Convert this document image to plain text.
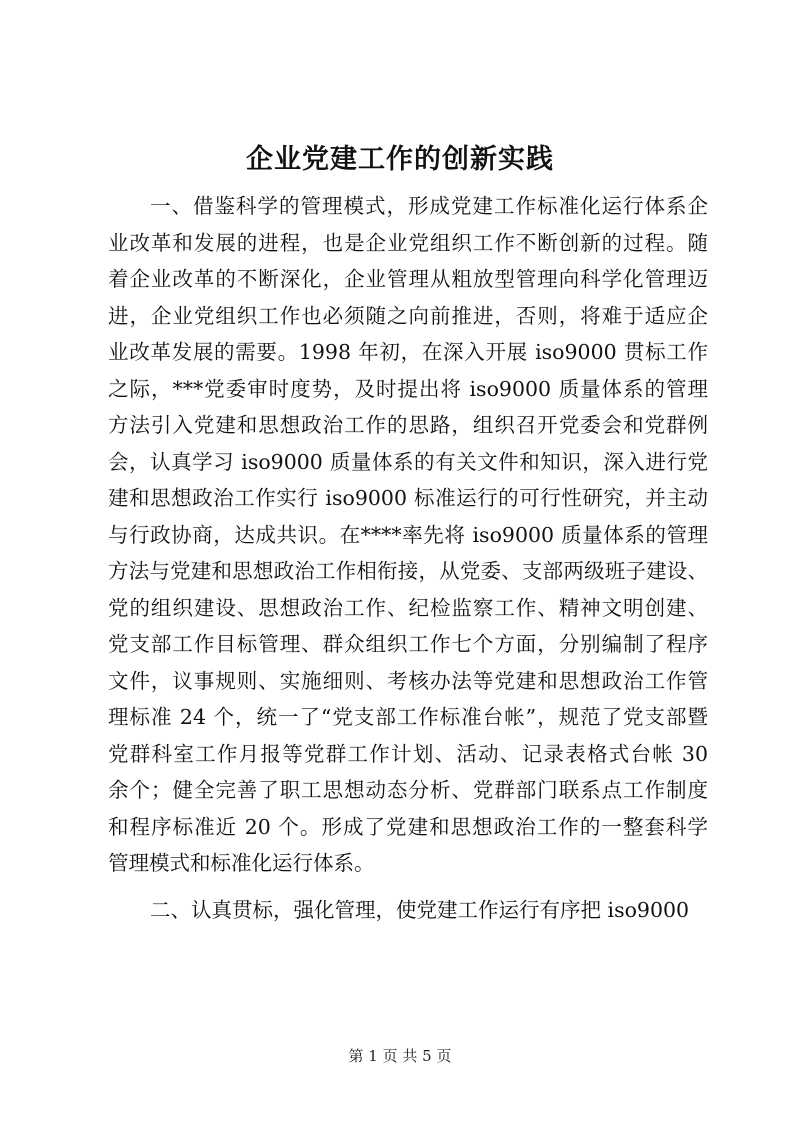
企业党建工作的创新实践
一、借鉴科学的管理模式，形成党建工作标准化运行体系企
业改革和发展的进程，也是企业党组织工作不断创新的过程。随
着企业改革的不断深化，企业管理从粗放型管理向科学化管理迈
进，企业党组织工作也必须随之向前推进，否则，将难于适应企
业改革发展的需要。1998 年初，在深入开展 iso9000 贯标工作
之际，***党委审时度势，及时提出将 iso9000 质量体系的管理
方法引入党建和思想政治工作的思路，组织召开党委会和党群例
会，认真学习 iso9000 质量体系的有关文件和知识，深入进行党
建和思想政治工作实行 iso9000 标准运行的可行性研究，并主动
与行政协商，达成共识。在****率先将 iso9000 质量体系的管理
方法与党建和思想政治工作相衔接，从党委、支部两级班子建设、
党的组织建设、思想政治工作、纪检监察工作、精神文明创建、
党支部工作目标管理、群众组织工作七个方面，分别编制了程序
文件，议事规则、实施细则、考核办法等党建和思想政治工作管
理标准 24 个，统一了“党支部工作标准台帐”，规范了党支部暨
党群科室工作月报等党群工作计划、活动、记录表格式台帐 30
余个；健全完善了职工思想动态分析、党群部门联系点工作制度
和程序标准近 20 个。形成了党建和思想政治工作的一整套科学
管理模式和标准化运行体系。
二、认真贯标，强化管理，使党建工作运行有序把 iso9000
第 1 页 共 5 页
